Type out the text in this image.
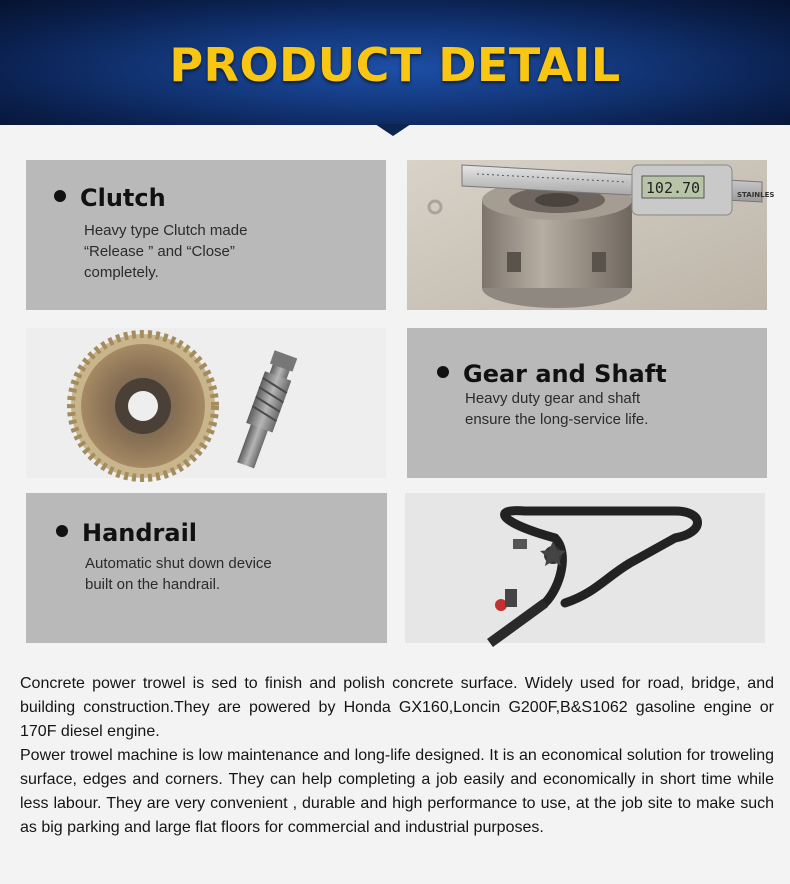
PRODUCT DETAIL
Clutch
Heavy type Clutch made
“Release ” and “Close”
completely.
102.70	STAINLES
Gear and Shaft
Heavy duty gear and shaft
ensure the long-service life.
Handrail
Automatic shut down device
built on the handrail.

Concrete power trowel is sed to finish and polish concrete surface. Widely used for road, bridge, and building construction.They are powered by Honda GX160,Loncin G200F,B&S1062 gasoline engine or 170F diesel engine.

Power trowel machine is low maintenance and long-life designed. It is an economical solution for troweling surface, edges and corners. They can help completing a job easily and economically in short time while less labour. They are very convenient , durable and high performance to use, at the job site to make such as big parking and large flat floors for commercial and industrial purposes.
